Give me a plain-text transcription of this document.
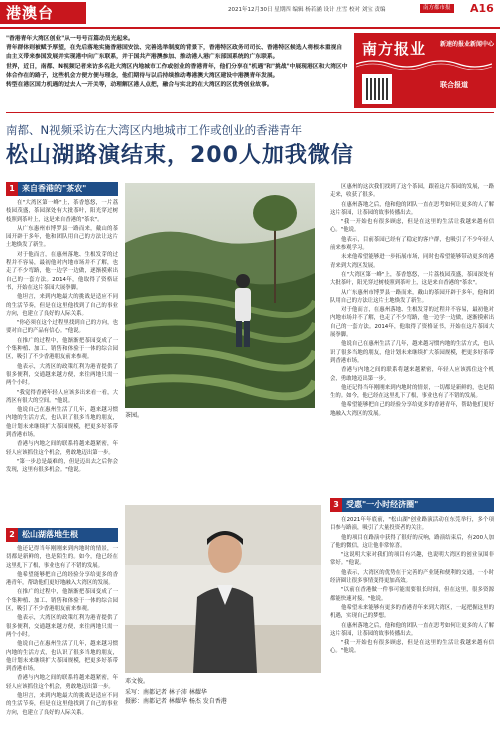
港澳台	2021年12月30日 星期四 编辑 杨若涵 设计 庄雪 校对 刘宝 责编	南方都市报 A16

"香港青年大湾区创业"从一号号百篇动员光起来。

青年群体则被赋予厚望，在先后落地实施香港国安法、完善选举制度的背景下，香港特区政务司司长、香港特区候选人将根本重视自由主义带来参国发展并实现港中向广东联系，并于国共产港澳参加、推动港人港广东部国系统的广东联系。

世界，近日，南都、N视频记者来访多名赴大湾区内地城市工作或创业的香港青年，他们分享在"机遇"和"挑战"中展现港区和大湾区中体合作在的路子，这些机会方便方便与理念，他们期待与以后持续推动粤港澳大湾区建设中港澳青年发展。

转型在港区国力机遇的过去人一开关等，动理解区港人点把，融合与实北的在大湾区的区优秀创业故事。

南方报业 新速的报业新闻中心
联合报道
南都、N视频采访在大湾区内地城市工作或创业的香港青年
松山湖路演结束，200人加我微信
1 来自香港的"茶农"

在"大湾区第一峰"上，茶香悠悠，一片荔枝园茂盛，茶园深处有大批茶叶，阳光穿过树枝照到茶叶上，这是来自香港的"茶农"。

从广东惠州市博罗县一路而来，戴山的茶园开辟于多年，他和团队用自己的方法让这片土地焕发了新生。

对于他而言，在惠州落地、生根发芽的过程并不容易，最初他对内地市场并不了解，也走了不少弯路，他一边学一边做，逐渐摸索出自己的一套方法。2014年，他取得了资格证书，开始在这片茶园大展拳脚。

他坦言，来到内地最大的挑战是适应不同的生活节奏，但是在这里他找到了自己的事业方向，也建立了良好的人际关系。

"你必须在这个过程里找到自己的方向，也要对自己的产品有信心。"他说。

在推广的过程中，他渐渐把茶园变成了一个集种植、加工、销售和体验于一体的综合园区，吸引了不少香港朋友前来参观。

他表示，大湾区的政策红利为港青提供了很多便利，交通越来越方便，来往两地只需一两个小时。

"我觉得香港年轻人应该多出来看一看，大湾区有很大的空间。"他说。

他说自己在惠州生活了几年，越来越习惯内地的生活方式，也认识了很多当地的朋友，他计划未来继续扩大茶园规模，把更多好茶带到香港市场。

香港与内地之间的联系将越来越紧密，年轻人应该抓住这个机会，勇敢地迈出第一步。

"第一步总是最难的，但是迈出去之后你会发现，这里有很多机会。"他说。

2 松山湖落地生根

他还记得当年刚刚来到内地时的情景，一切都是新鲜的，也是陌生的。如今，他已经在这里扎下了根，事业也有了不错的发展。

他希望能够把自己的经验分享给更多的香港青年，帮助他们更好地融入大湾区的发展。

在推广的过程中，他渐渐把茶园变成了一个集种植、加工、销售和体验于一体的综合园区，吸引了不少香港朋友前来参观。

他表示，大湾区的政策红利为港青提供了很多便利，交通越来越方便，来往两地只需一两个小时。

他说自己在惠州生活了几年，越来越习惯内地的生活方式，也认识了很多当地的朋友，他计划未来继续扩大茶园规模，把更多好茶带到香港市场。

香港与内地之间的联系将越来越紧密，年轻人应该抓住这个机会，勇敢地迈出第一步。

他坦言，来到内地最大的挑战是适应不同的生活节奏，但是在这里他找到了自己的事业方向，也建立了良好的人际关系。

茶园。
邓文俊。
采写：南都记者 林子沛 林耀华
摄影：南都记者 林耀华 杨杰 发自香港

区惠州的这次我们找到了这个茶园，跟着这片茶园的发展，一路走来，收获了很多。

在惠州落地之后，他和他的团队一直在思考如何让更多的人了解这片茶园，让茶园的故事传播出去。

"我一开始也有很多顾虑，但是在这里的生活让我越来越有信心。"他说。

他表示，目前茶园已经有了稳定的客户群，也吸引了不少年轻人前来参观学习。

未来他希望能够进一步拓展市场，同时也希望能够带动更多的港青来到大湾区发展。

在"大湾区第一峰"上，茶香悠悠，一片荔枝园茂盛，茶园深处有大批茶叶，阳光穿过树枝照到茶叶上，这是来自香港的"茶农"。

从广东惠州市博罗县一路而来，戴山的茶园开辟于多年，他和团队用自己的方法让这片土地焕发了新生。

对于他而言，在惠州落地、生根发芽的过程并不容易，最初他对内地市场并不了解，也走了不少弯路，他一边学一边做，逐渐摸索出自己的一套方法。2014年，他取得了资格证书，开始在这片茶园大展拳脚。

他说自己在惠州生活了几年，越来越习惯内地的生活方式，也认识了很多当地的朋友，他计划未来继续扩大茶园规模，把更多好茶带到香港市场。

香港与内地之间的联系将越来越紧密，年轻人应该抓住这个机会，勇敢地迈出第一步。

他还记得当年刚刚来到内地时的情景，一切都是新鲜的，也是陌生的。如今，他已经在这里扎下了根，事业也有了不错的发展。

他希望能够把自己的经验分享给更多的香港青年，帮助他们更好地融入大湾区的发展。

3 受惠"一小时经济圈"

在2021年年底前，"松山湖"创业路演活动在东莞举行，多个项目参与路演，吸引了大量投资者的关注。

他的项目在路演中获得了很好的反响，路演结束后，有200人加了他的微信，这让他非常惊喜。

"这说明大家对我们的项目有兴趣，也说明大湾区的创业氛围非常好。"他说。

他表示，大湾区的优势在于完善的产业链和便利的交通，一小时经济圈让很多事情变得更加高效。

"以前在香港做一件事可能需要很长时间，但在这里，很多资源都能快速对接。"他说。

他希望未来能够有更多的香港青年来到大湾区，一起把握这里的机遇，实现自己的梦想。

在惠州落地之后，他和他的团队一直在思考如何让更多的人了解这片茶园，让茶园的故事传播出去。

"我一开始也有很多顾虑，但是在这里的生活让我越来越有信心。"他说。
